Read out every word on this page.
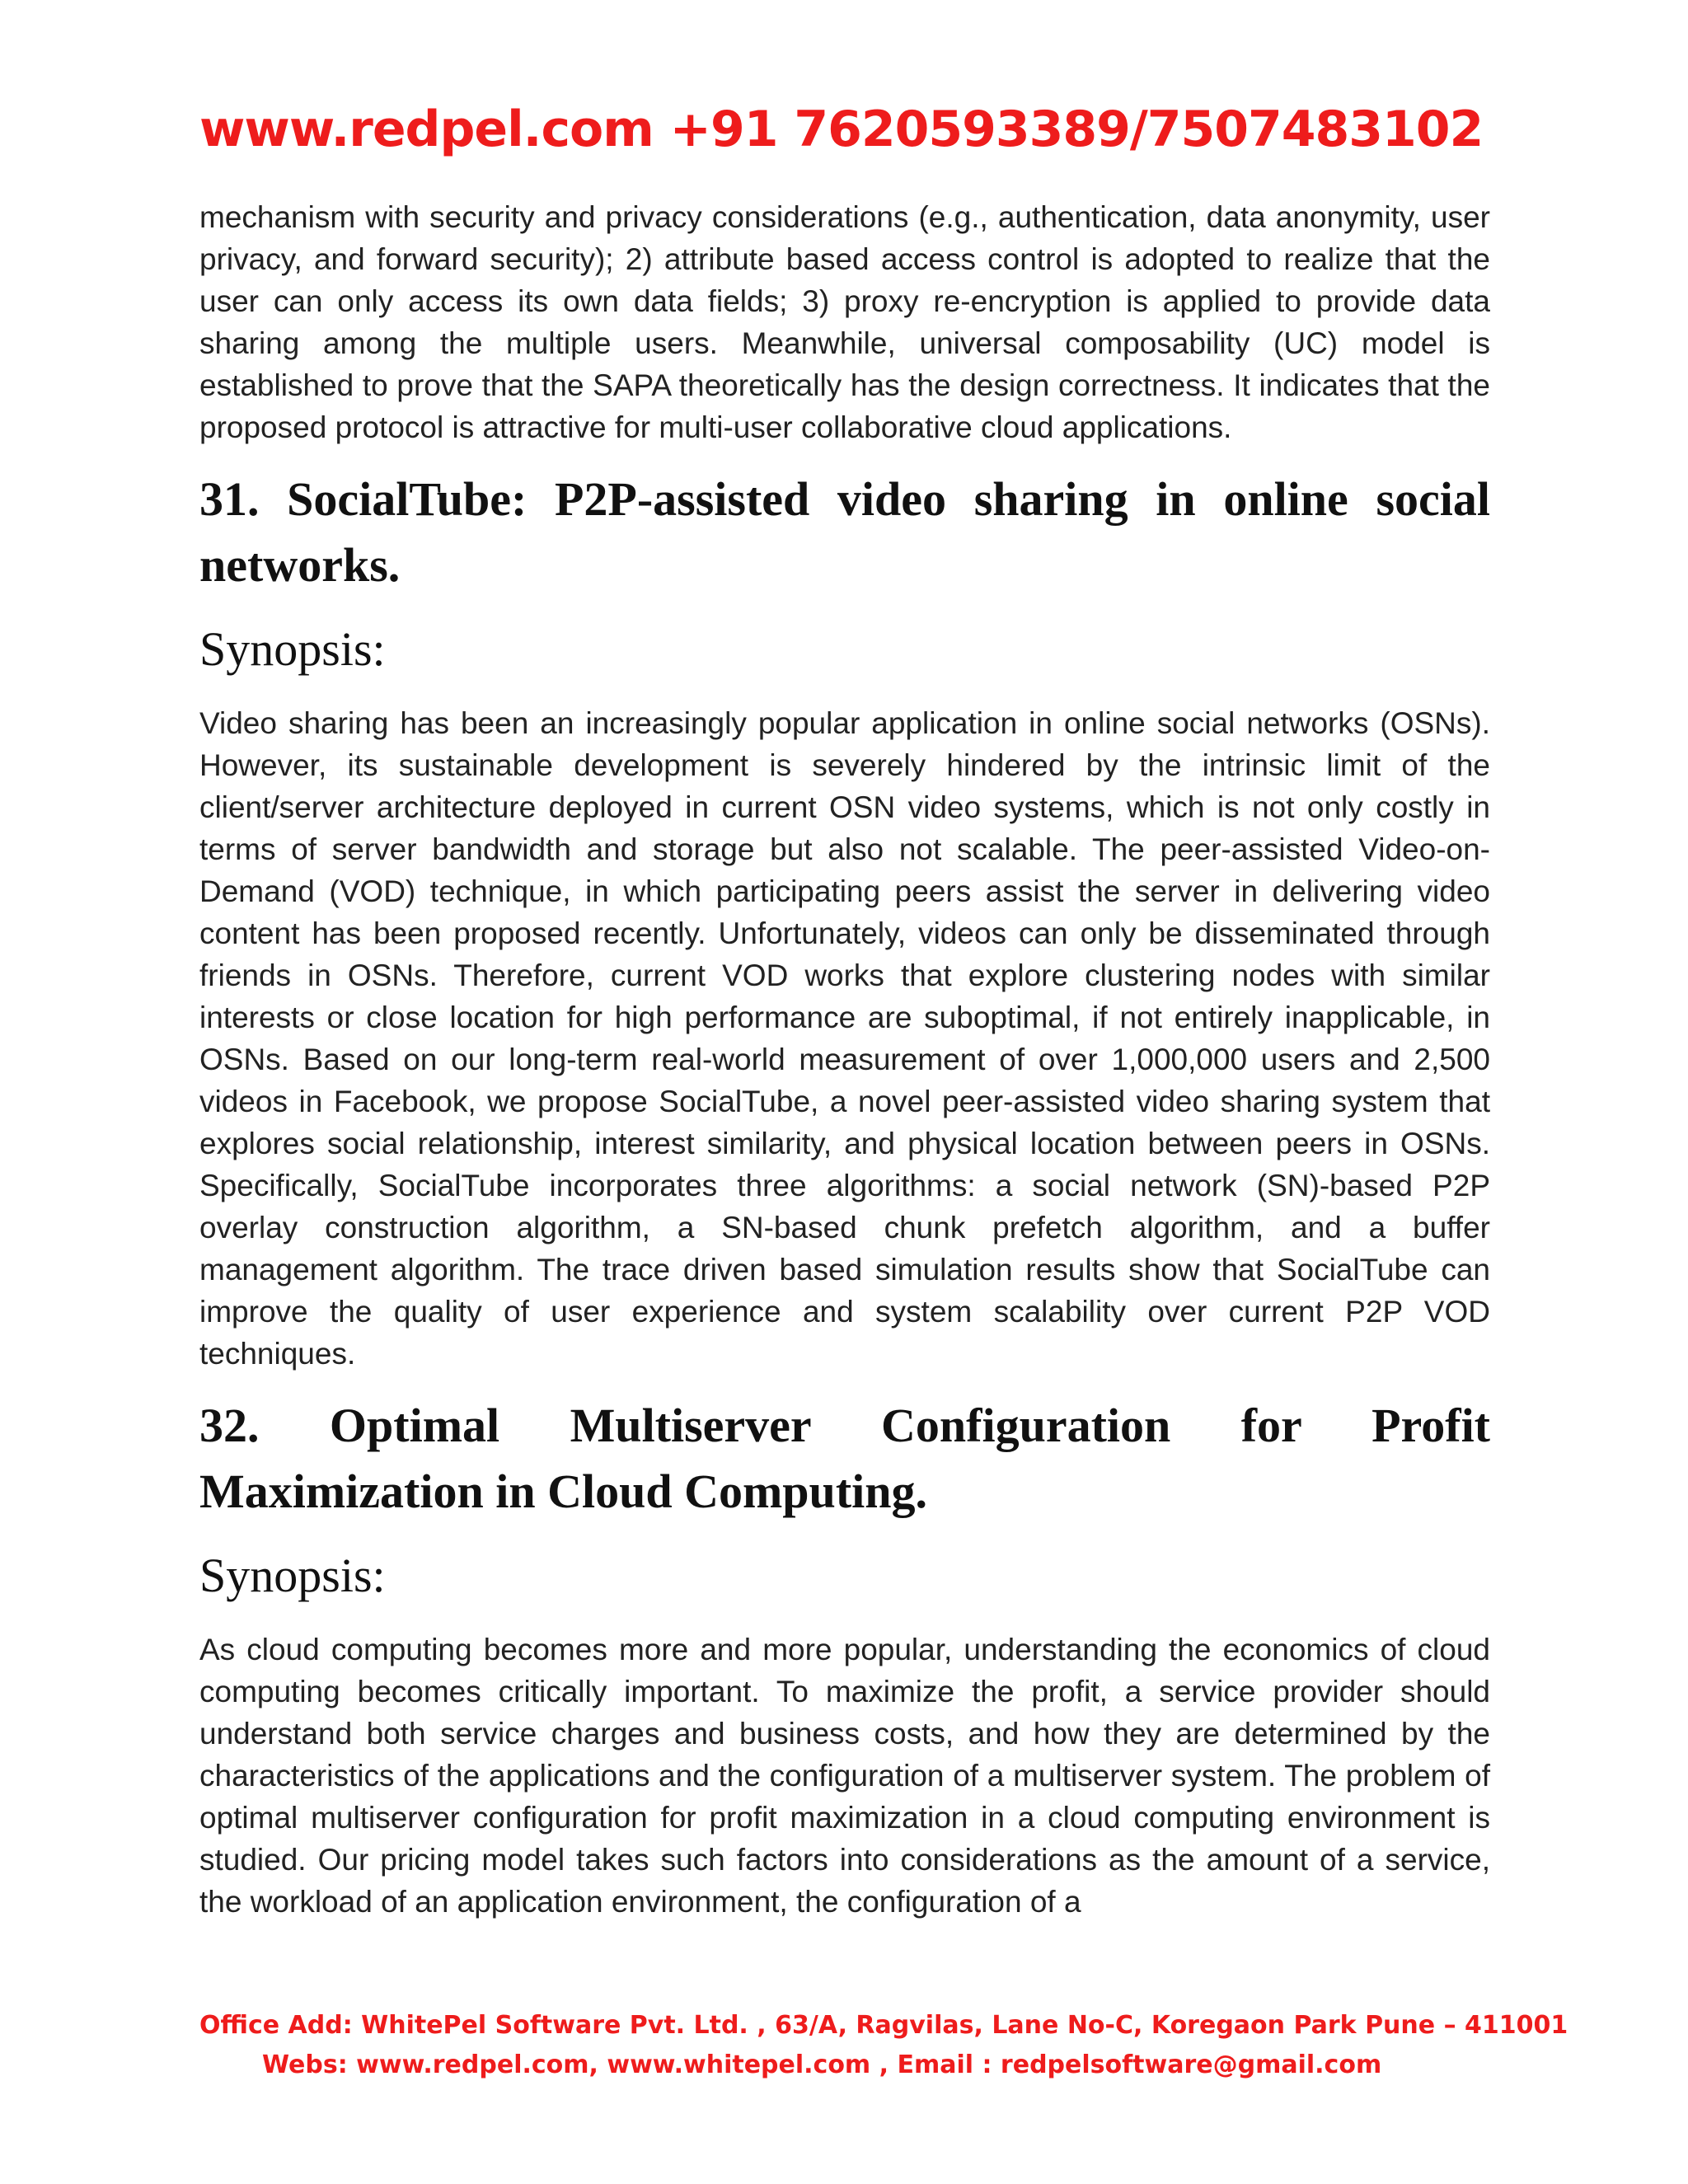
www.redpel.com +91 7620593389/7507483102

mechanism with security and privacy considerations (e.g., authentication, data anonymity, user privacy, and forward security); 2) attribute based access control is adopted to realize that the user can only access its own data fields; 3) proxy re-encryption is applied to provide data sharing among the multiple users. Meanwhile, universal composability (UC) model is established to prove that the SAPA theoretically has the design correctness. It indicates that the proposed protocol is attractive for multi-user collaborative cloud applications.

31. SocialTube: P2P-assisted video sharing in online social networks.
Synopsis:

Video sharing has been an increasingly popular application in online social networks (OSNs). However, its sustainable development is severely hindered by the intrinsic limit of the client/server architecture deployed in current OSN video systems, which is not only costly in terms of server bandwidth and storage but also not scalable. The peer-assisted Video-on-Demand (VOD) technique, in which participating peers assist the server in delivering video content has been proposed recently. Unfortunately, videos can only be disseminated through friends in OSNs. Therefore, current VOD works that explore clustering nodes with similar interests or close location for high performance are suboptimal, if not entirely inapplicable, in OSNs. Based on our long-term real-world measurement of over 1,000,000 users and 2,500 videos in Facebook, we propose SocialTube, a novel peer-assisted video sharing system that explores social relationship, interest similarity, and physical location between peers in OSNs. Specifically, SocialTube incorporates three algorithms: a social network (SN)-based P2P overlay construction algorithm, a SN-based chunk prefetch algorithm, and a buffer management algorithm. The trace driven based simulation results show that SocialTube can improve the quality of user experience and system scalability over current P2P VOD techniques.

32. Optimal Multiserver Configuration for Profit Maximization in Cloud Computing.
Synopsis:

As cloud computing becomes more and more popular, understanding the economics of cloud computing becomes critically important. To maximize the profit, a service provider should understand both service charges and business costs, and how they are determined by the characteristics of the applications and the configuration of a multiserver system. The problem of optimal multiserver configuration for profit maximization in a cloud computing environment is studied. Our pricing model takes such factors into considerations as the amount of a service, the workload of an application environment, the configuration of a

Office Add: WhitePel Software Pvt. Ltd. , 63/A, Ragvilas, Lane No-C, Koregaon Park Pune – 411001
Webs: www.redpel.com, www.whitepel.com , Email : redpelsoftware@gmail.com
